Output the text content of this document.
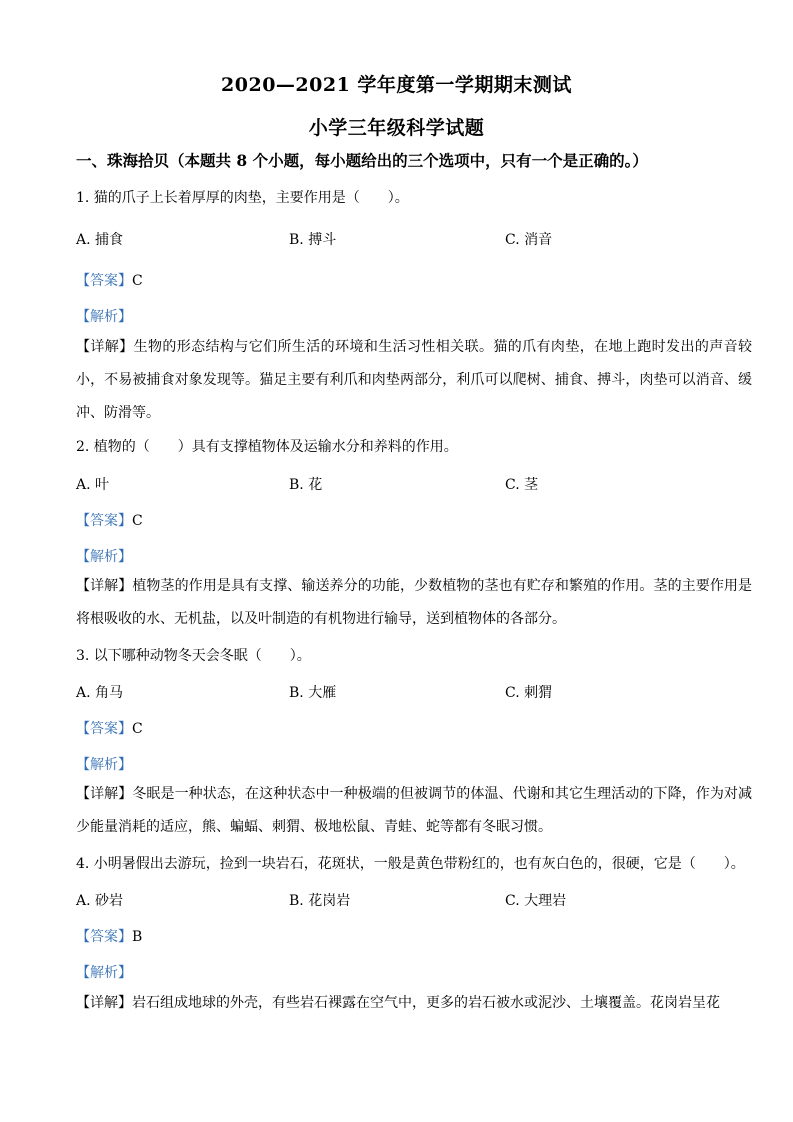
2020—2021 学年度第一学期期末测试
小学三年级科学试题
一、珠海拾贝（本题共 8 个小题，每小题给出的三个选项中，只有一个是正确的。）
1. 猫的爪子上长着厚厚的肉垫，主要作用是（　　）。
A. 捕食	B. 搏斗	C. 消音
【答案】C
【解析】
【详解】生物的形态结构与它们所生活的环境和生活习性相关联。猫的爪有肉垫，在地上跑时发出的声音较小，不易被捕食对象发现等。猫足主要有利爪和肉垫两部分，利爪可以爬树、捕食、搏斗，肉垫可以消音、缓冲、防滑等。
2. 植物的（　　）具有支撑植物体及运输水分和养料的作用。
A. 叶	B. 花	C. 茎
【答案】C
【解析】
【详解】植物茎的作用是具有支撑、输送养分的功能，少数植物的茎也有贮存和繁殖的作用。茎的主要作用是将根吸收的水、无机盐，以及叶制造的有机物进行输导，送到植物体的各部分。
3. 以下哪种动物冬天会冬眠（　　）。
A. 角马	B. 大雁	C. 刺猬
【答案】C
【解析】
【详解】冬眠是一种状态，在这种状态中一种极端的但被调节的体温、代谢和其它生理活动的下降，作为对减少能量消耗的适应，熊、蝙蝠、刺猬、极地松鼠、青蛙、蛇等都有冬眠习惯。
4. 小明暑假出去游玩，捡到一块岩石，花斑状，一般是黄色带粉红的，也有灰白色的，很硬，它是（　　）。
A. 砂岩	B. 花岗岩	C. 大理岩
【答案】B
【解析】
【详解】岩石组成地球的外壳，有些岩石裸露在空气中，更多的岩石被水或泥沙、土壤覆盖。花岗岩呈花
